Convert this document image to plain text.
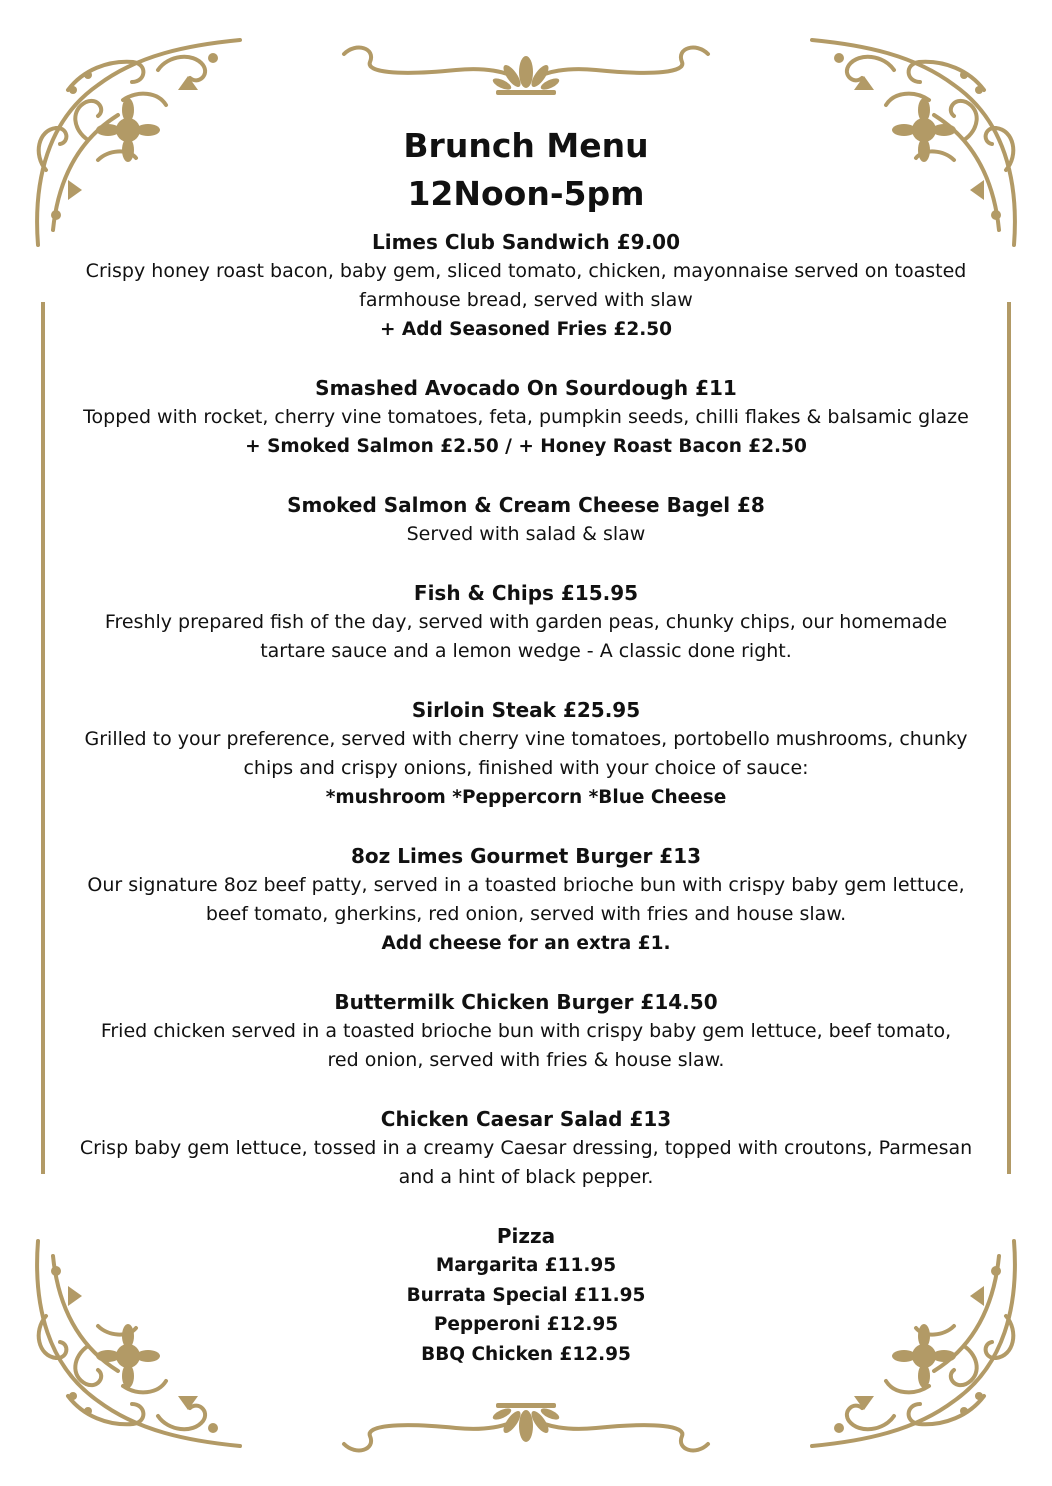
Brunch Menu

12Noon-5pm

Limes Club Sandwich £9.00

Crispy honey roast bacon, baby gem, sliced tomato, chicken, mayonnaise served on toasted

farmhouse bread, served with slaw

+ Add Seasoned Fries £2.50

Smashed Avocado On Sourdough £11

Topped with rocket, cherry vine tomatoes, feta, pumpkin seeds, chilli flakes & balsamic glaze

+ Smoked Salmon £2.50 / + Honey Roast Bacon £2.50

Smoked Salmon & Cream Cheese Bagel £8

Served with salad & slaw

Fish & Chips £15.95

Freshly prepared fish of the day, served with garden peas, chunky chips, our homemade

tartare sauce and a lemon wedge - A classic done right.

Sirloin Steak £25.95

Grilled to your preference, served with cherry vine tomatoes, portobello mushrooms, chunky

chips and crispy onions, finished with your choice of sauce:

*mushroom *Peppercorn *Blue Cheese

8oz Limes Gourmet Burger £13

Our signature 8oz beef patty, served in a toasted brioche bun with crispy baby gem lettuce,

beef tomato, gherkins, red onion, served with fries and house slaw.

Add cheese for an extra £1.

Buttermilk Chicken Burger £14.50

Fried chicken served in a toasted brioche bun with crispy baby gem lettuce, beef tomato,

red onion, served with fries & house slaw.

Chicken Caesar Salad £13

Crisp baby gem lettuce, tossed in a creamy Caesar dressing, topped with croutons, Parmesan

and a hint of black pepper.

Pizza

Margarita £11.95

Burrata Special £11.95

Pepperoni £12.95

BBQ Chicken £12.95
